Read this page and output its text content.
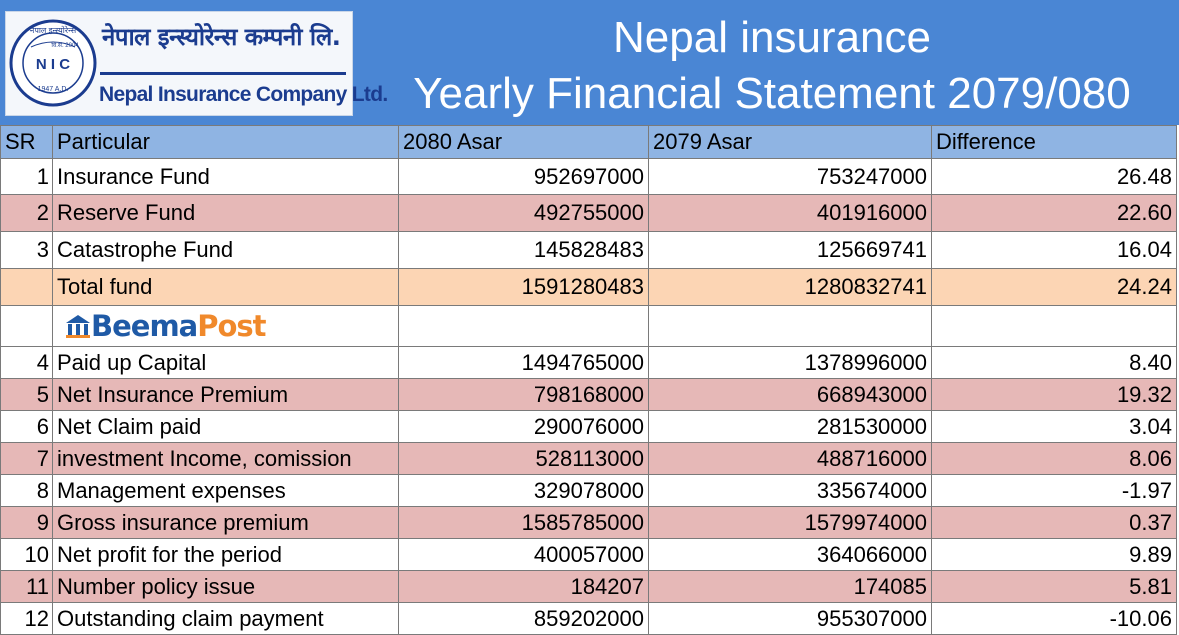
नेपाल इन्स्योरेन्स
N I C
वि.सं. 2004
1947 A.D.
नेपाल इन्स्योरेन्स कम्पनी लि.
Nepal Insurance Company Ltd.
Nepal insurance
Yearly Financial Statement 2079/080
SR	Particular	2080 Asar	2079 Asar	Difference
1	Insurance Fund	952697000	753247000	26.48
2	Reserve Fund	492755000	401916000	22.60
3	Catastrophe Fund	145828483	125669741	16.04
	Total fund	1591280483	1280832741	24.24

	BeemaPost			

4	Paid up Capital	1494765000	1378996000	8.40
5	Net Insurance Premium	798168000	668943000	19.32
6	Net Claim paid	290076000	281530000	3.04
7	investment Income, comission	528113000	488716000	8.06
8	Management expenses	329078000	335674000	-1.97
9	Gross insurance premium	1585785000	1579974000	0.37
10	Net profit for the period	400057000	364066000	9.89
11	Number policy issue	184207	174085	5.81
12	Outstanding claim payment	859202000	955307000	-10.06
